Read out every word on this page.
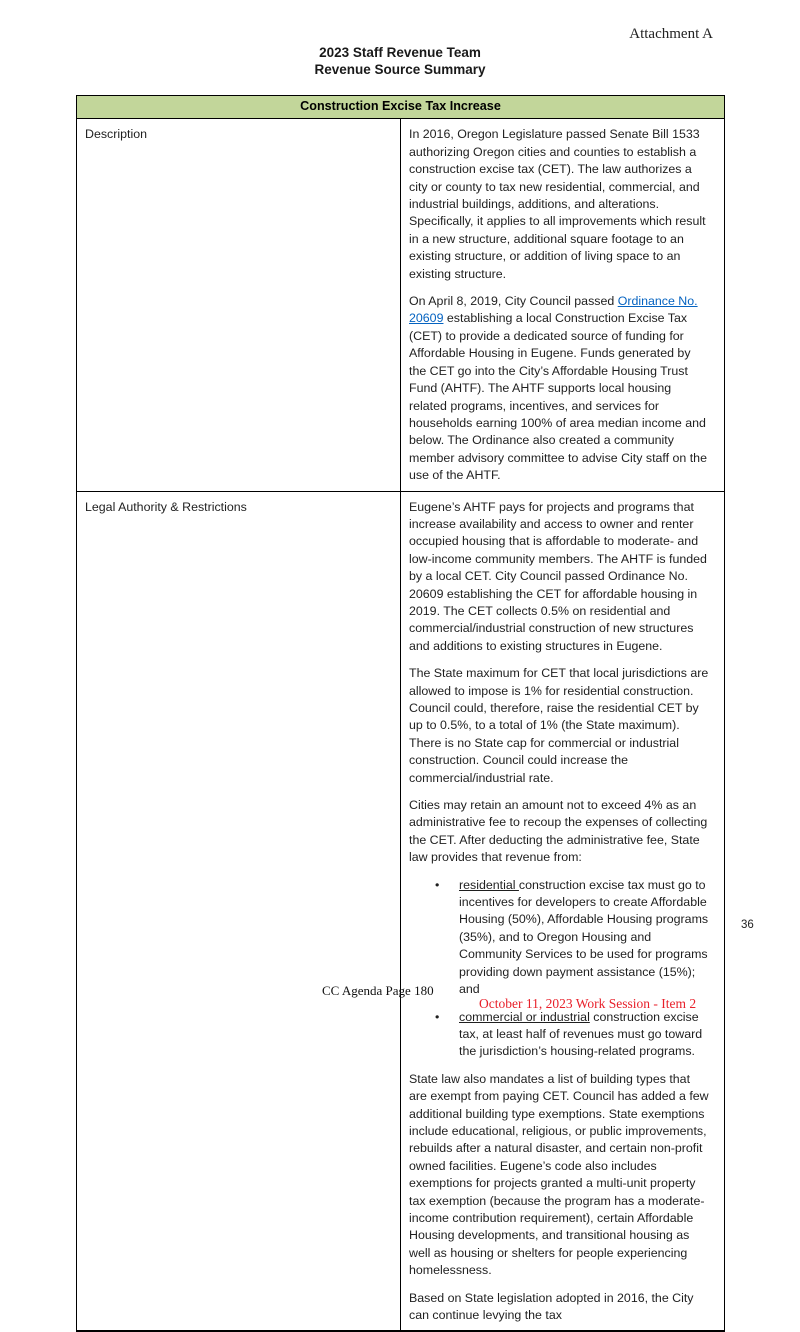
Attachment A
2023 Staff Revenue Team
Revenue Source Summary
Construction Excise Tax Increase	
Description	In 2016, Oregon Legislature passed Senate Bill 1533 authorizing Oregon cities and counties to establish a construction excise tax (CET). The law authorizes a city or county to tax new residential, commercial, and industrial buildings, additions, and alterations. Specifically, it applies to all improvements which result in a new structure, additional square footage to an existing structure, or addition of living space to an existing structure.
On April 8, 2019, City Council passed Ordinance No. 20609 establishing a local Construction Excise Tax (CET) to provide a dedicated source of funding for Affordable Housing in Eugene. Funds generated by the CET go into the City’s Affordable Housing Trust Fund (AHTF). The AHTF supports local housing related programs, incentives, and services for households earning 100% of area median income and below. The Ordinance also created a community member advisory committee to advise City staff on the use of the AHTF.

Legal Authority & Restrictions	Eugene’s AHTF pays for projects and programs that increase availability and access to owner and renter occupied housing that is affordable to moderate- and low-income community members. The AHTF is funded by a local CET. City Council passed Ordinance No. 20609 establishing the CET for affordable housing in 2019. The CET collects 0.5% on residential and commercial/industrial construction of new structures and additions to existing structures in Eugene.
The State maximum for CET that local jurisdictions are allowed to impose is 1% for residential construction. Council could, therefore, raise the residential CET by up to 0.5%, to a total of 1% (the State maximum). There is no State cap for commercial or industrial construction. Council could increase the commercial/industrial rate.
Cities may retain an amount not to exceed 4% as an administrative fee to recoup the expenses of collecting the CET. After deducting the administrative fee, State law provides that revenue from:
• residential construction excise tax must go to incentives for developers to create Affordable Housing (50%), Affordable Housing programs (35%), and to Oregon Housing and Community Services to be used for programs providing down payment assistance (15%); and
• commercial or industrial construction excise tax, at least half of revenues must go toward the jurisdiction’s housing-related programs.
State law also mandates a list of building types that are exempt from paying CET. Council has added a few additional building type exemptions. State exemptions include educational, religious, or public improvements, rebuilds after a natural disaster, and certain non-profit owned facilities. Eugene’s code also includes exemptions for projects granted a multi-unit property tax exemption (because the program has a moderate-income contribution requirement), certain Affordable Housing developments, and transitional housing as well as housing or shelters for people experiencing homelessness.
Based on State legislation adopted in 2016, the City can continue levying the tax
36
CC Agenda Page 180
October 11, 2023 Work Session - Item 2
